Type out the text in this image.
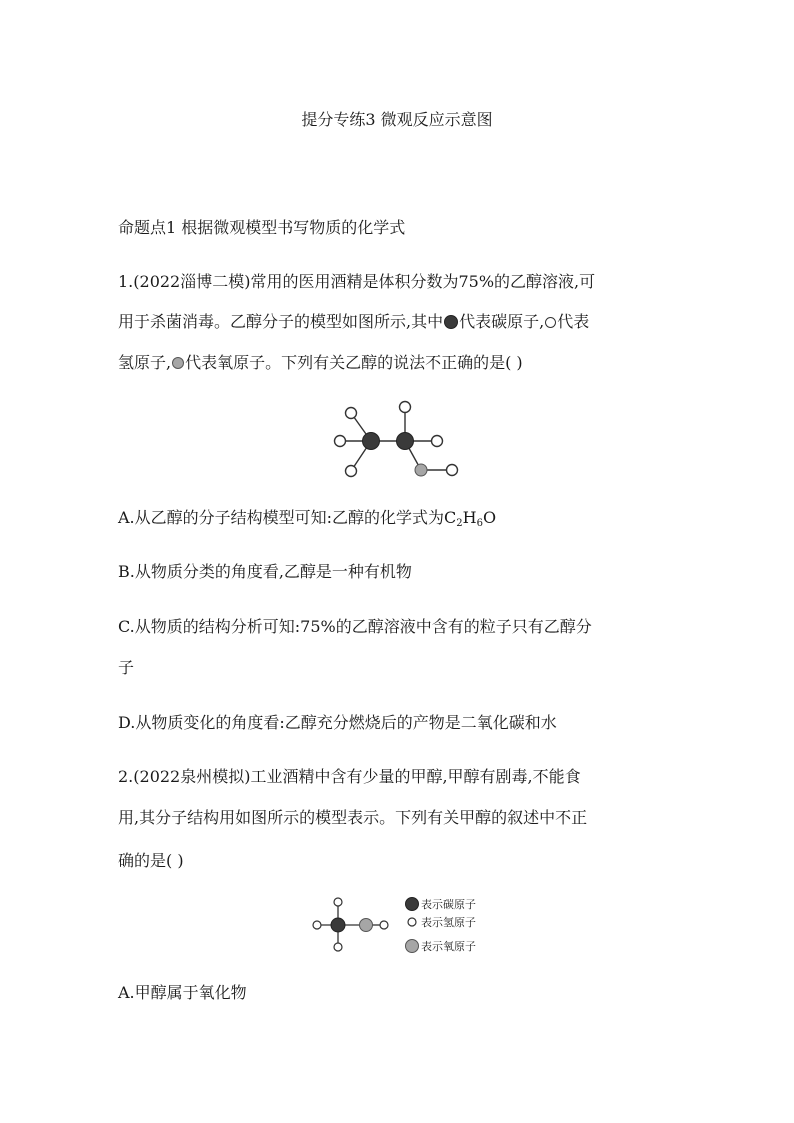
提分专练3 微观反应示意图
命题点1 根据微观模型书写物质的化学式
1.(2022淄博二模)常用的医用酒精是体积分数为75%的乙醇溶液,可
用于杀菌消毒。乙醇分子的模型如图所示,其中 代表碳原子, 代表
氢原子, 代表氧原子。下列有关乙醇的说法不正确的是( )
A.从乙醇的分子结构模型可知:乙醇的化学式为$C_2H_6O$
B.从物质分类的角度看,乙醇是一种有机物
C.从物质的结构分析可知:75%的乙醇溶液中含有的粒子只有乙醇分
子
D.从物质变化的角度看:乙醇充分燃烧后的产物是二氧化碳和水
2.(2022泉州模拟)工业酒精中含有少量的甲醇,甲醇有剧毒,不能食
用,其分子结构用如图所示的模型表示。下列有关甲醇的叙述中不正
确的是( )
表示碳原子
表示氢原子
表示氧原子
A.甲醇属于氧化物
